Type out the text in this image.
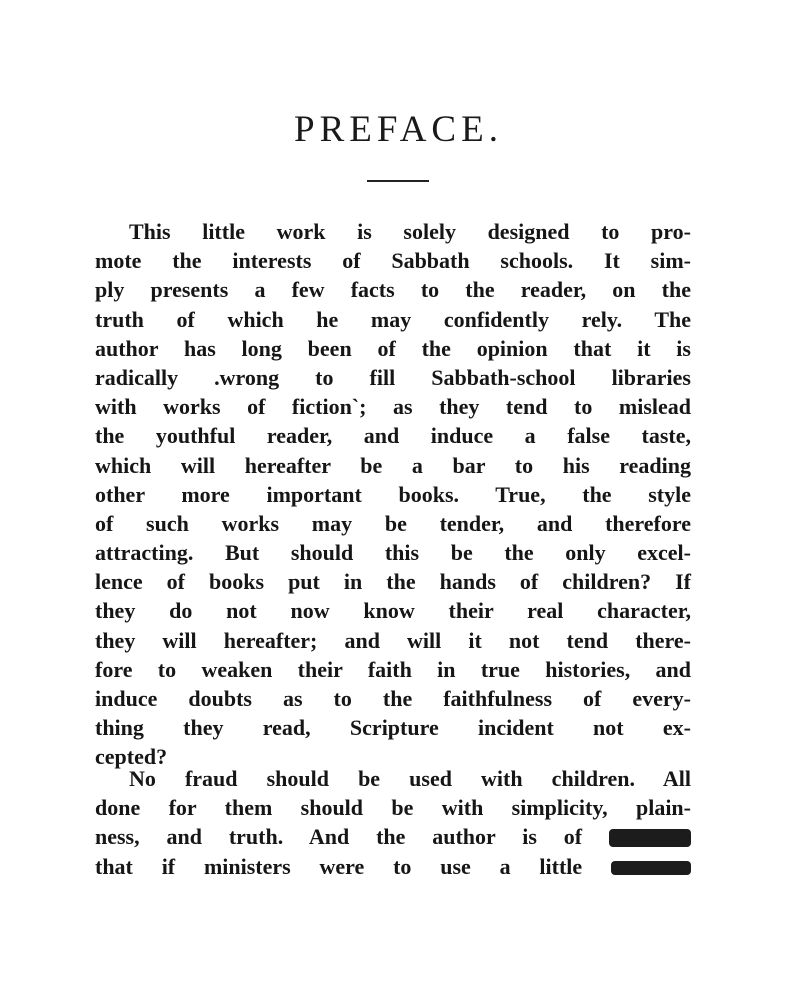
PREFACE.
This little work is solely designed to pro-
mote the interests of Sabbath schools. It sim-
ply presents a few facts to the reader, on the
truth of which he may confidently rely. The
author has long been of the opinion that it is
radically .wrong to fill Sabbath-school libraries
with works of fiction`; as they tend to mislead
the youthful reader, and induce a false taste,
which will hereafter be a bar to his reading
other more important books. True, the style
of such works may be tender, and therefore
attracting. But should this be the only excel-
lence of books put in the hands of children? If
they do not now know their real character,
they will hereafter; and will it not tend there-
fore to weaken their faith in true histories, and
induce doubts as to the faithfulness of every-
thing they read, Scripture incident not ex-
cepted?
No fraud should be used with children. All
done for them should be with simplicity, plain-
ness, and truth. And the author is of
that if ministers were to use a little
